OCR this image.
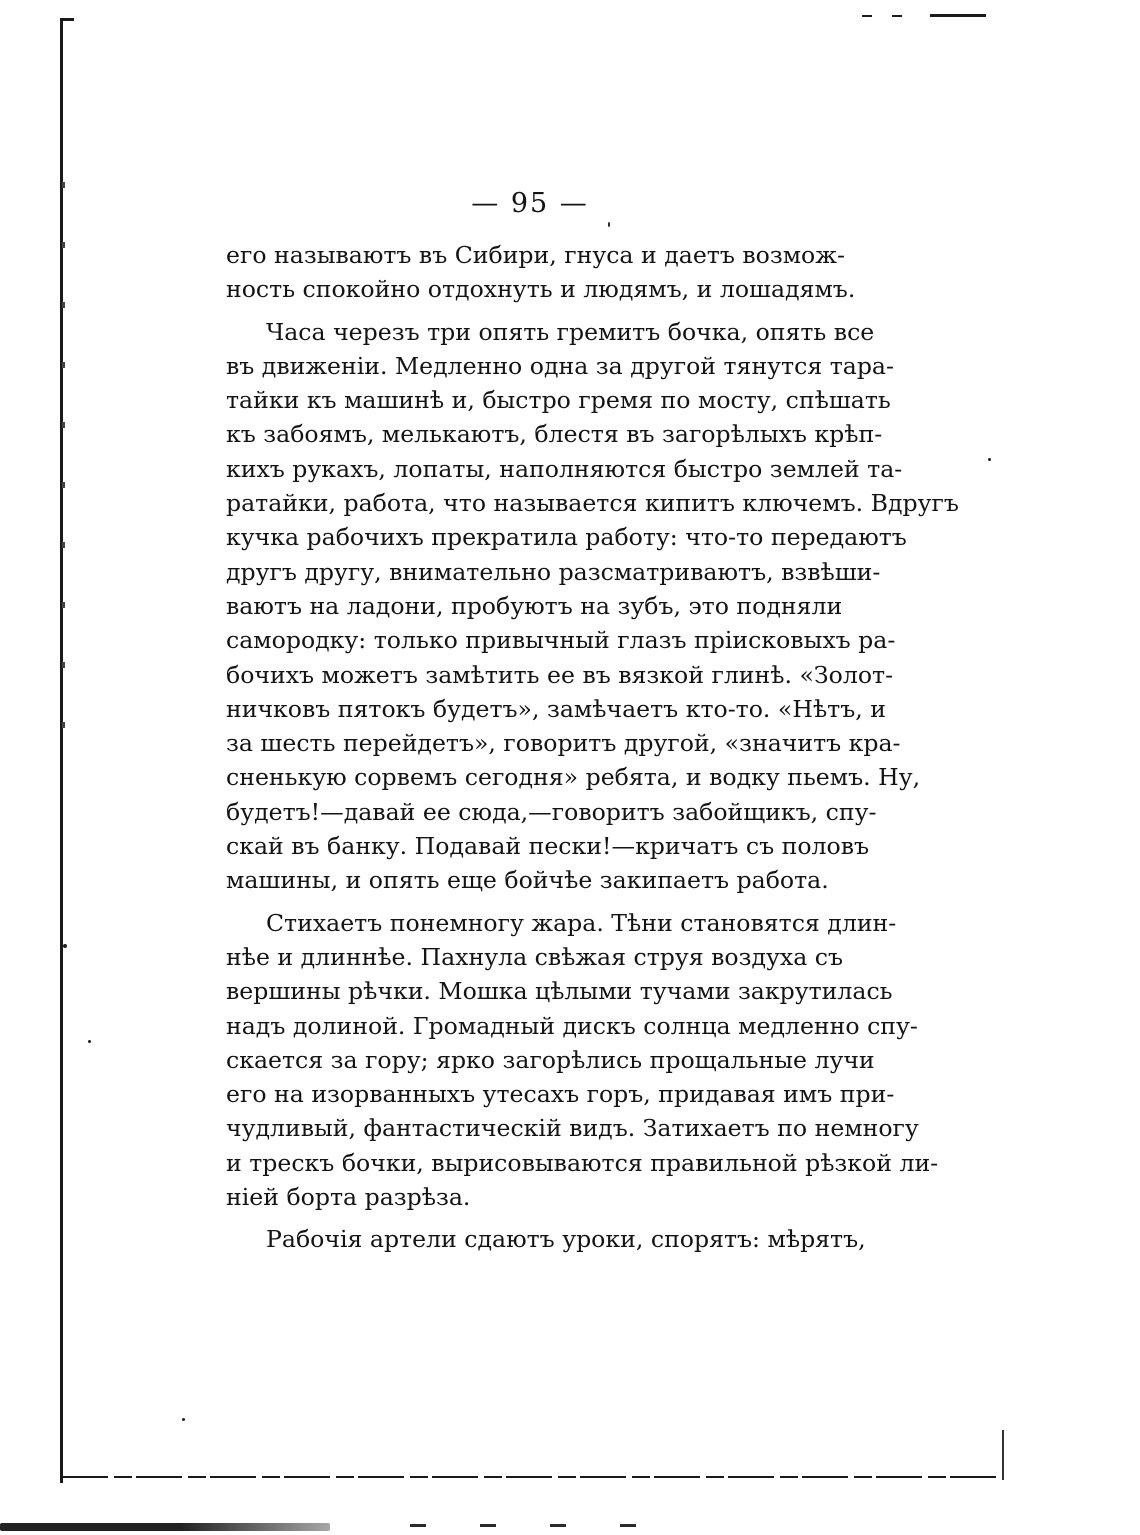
— 95 —
его называютъ въ Сибири, гнуса и даетъ возмож-
ность спокойно отдохнуть и людямъ, и лошадямъ.
Часа черезъ три опять гремитъ бочка, опять все
въ движеніи. Медленно одна за другой тянутся тара-
тайки къ машинѣ и, быстро гремя по мосту, спѣшать
къ забоямъ, мелькаютъ, блестя въ загорѣлыхъ крѣп-
кихъ рукахъ, лопаты, наполняются быстро землей та-
ратайки, работа, что называется кипитъ ключемъ. Вдругъ
кучка рабочихъ прекратила работу: что-то передаютъ
другъ другу, внимательно разсматриваютъ, взвѣши-
ваютъ на ладони, пробуютъ на зубъ, это подняли
самородку: только привычный глазъ пріисковыхъ ра-
бочихъ можетъ замѣтить ее въ вязкой глинѣ. «Золот-
ничковъ пятокъ будетъ», замѣчаетъ кто-то. «Нѣтъ, и
за шесть перейдетъ», говоритъ другой, «значитъ кра-
сненькую сорвемъ сегодня» ребята, и водку пьемъ. Ну,
будетъ!—давай ее сюда,—говоритъ забойщикъ, спу-
скай въ банку. Подавай пески!—кричатъ съ половъ
машины, и опять еще бойчѣе закипаетъ работа.
Стихаетъ понемногу жара. Тѣни становятся длин-
нѣе и длиннѣе. Пахнула свѣжая струя воздуха съ
вершины рѣчки. Мошка цѣлыми тучами закрутилась
надъ долиной. Громадный дискъ солнца медленно спу-
скается за гору; ярко загорѣлись прощальные лучи
его на изорванныхъ утесахъ горъ, придавая имъ при-
чудливый, фантастическій видъ. Затихаетъ по немногу
и трескъ бочки, вырисовываются правильной рѣзкой ли-
ніей борта разрѣза.
Рабочія артели сдаютъ уроки, спорятъ: мѣрятъ,
